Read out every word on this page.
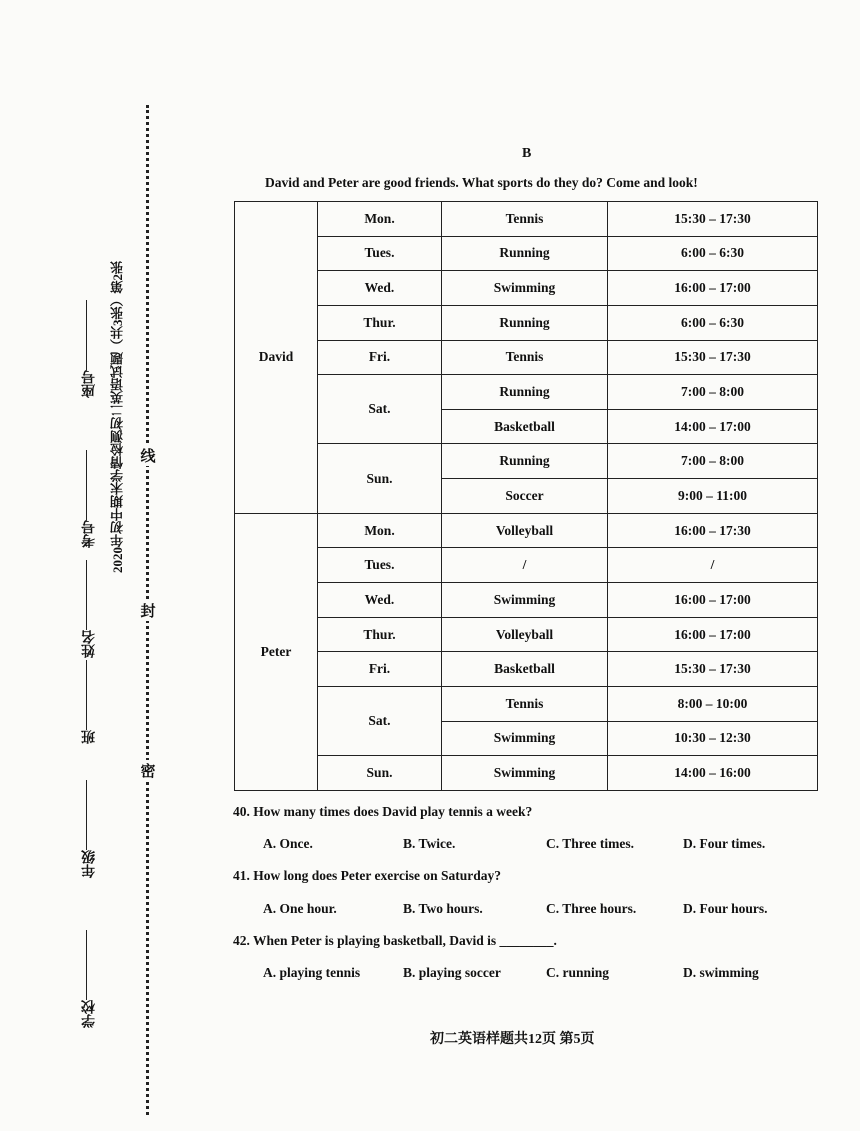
线
封
密
2020年初中期末学情检测初二英语试题（共3张）第2张
座号
考号
姓名
班
年级
学校
B
David and Peter are good friends. What sports do they do? Come and look!
David	Mon.	Tennis	15:30 – 17:30
	Tues.	Running	6:00 – 6:30
	Wed.	Swimming	16:00 – 17:00
	Thur.	Running	6:00 – 6:30
	Fri.	Tennis	15:30 – 17:30
	Sat.	Running	7:00 – 8:00
		Basketball	14:00 – 17:00
	Sun.	Running	7:00 – 8:00
		Soccer	9:00 – 11:00
Peter	Mon.	Volleyball	16:00 – 17:30
	Tues.	/	/
	Wed.	Swimming	16:00 – 17:00
	Thur.	Volleyball	16:00 – 17:00
	Fri.	Basketball	15:30 – 17:30
	Sat.	Tennis	8:00 – 10:00
		Swimming	10:30 – 12:30
	Sun.	Swimming	14:00 – 16:00
40. How many times does David play tennis a week?
A. Once.	B. Twice.	C. Three times.	D. Four times.
41. How long does Peter exercise on Saturday?
A. One hour.	B. Two hours.	C. Three hours.	D. Four hours.
42. When Peter is playing basketball, David is ________.
A. playing tennis	B. playing soccer	C. running	D. swimming
初二英语样题共12页 第5页
